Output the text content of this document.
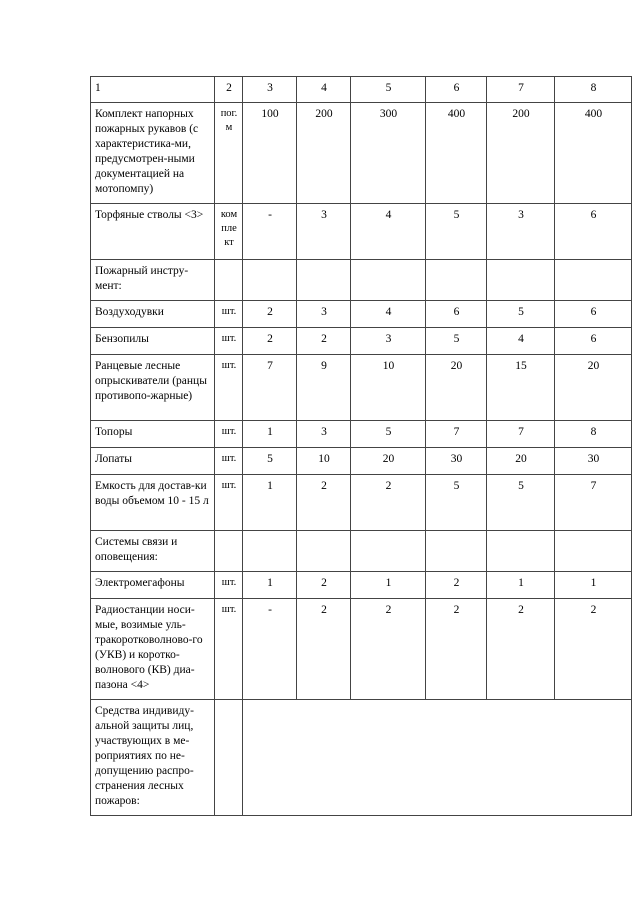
1	2	3	4	5	6	7	8
Комплект напорных пожарных рукавов (с характеристика-ми, предусмотрен-ными документацией на мотопомпу)	пог. м	100	200	300	400	200	400
Торфяные стволы <3>	комплект	-	3	4	5	3	6
Пожарный инстру-мент:							
Воздуходувки	шт.	2	3	4	6	5	6
Бензопилы	шт.	2	2	3	5	4	6
Ранцевые лесные опрыскиватели (ранцы противопо-жарные)	шт.	7	9	10	20	15	20
Топоры	шт.	1	3	5	7	7	8
Лопаты	шт.	5	10	20	30	20	30
Емкость для достав-ки воды объемом 10 - 15 л	шт.	1	2	2	5	5	7
Системы связи и оповещения:							
Электромегафоны	шт.	1	2	1	2	1	1
Радиостанции носи-мые, возимые уль-тракоротковолново-го (УКВ) и коротко-волнового (КВ) диа-пазона <4>	шт.	-	2	2	2	2	2
Средства индивиду-альной защиты лиц, участвующих в ме-роприятиях по не-допущению распро-странения лесных пожаров:							
